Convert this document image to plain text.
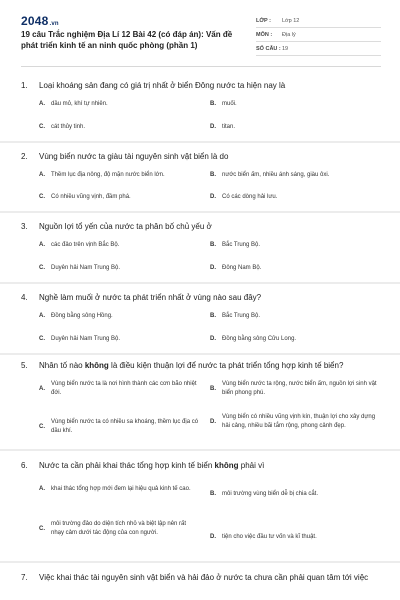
2048.vn
19 câu Trắc nghiệm Địa Lí 12 Bài 42 (có đáp án): Vấn đề phát triển kinh tế an ninh quốc phòng (phần 1)
LỚP :	Lớp 12
MÔN :	Địa lý
SỐ CÂU : 19
1.	Loại khoáng sản đang có giá trị nhất ở biển Đông nước ta hiện nay là
A.	dầu mỏ, khí tự nhiên.	B.	muối.
C.	cát thủy tinh.	D.	titan.
2.	Vùng biển nước ta giàu tài nguyên sinh vật biển là do
A.	Thềm lục địa nông, độ mặn nước biển lớn.	B.	nước biển ấm, nhiều ánh sáng, giàu ôxi.
C.	Có nhiều vũng vịnh, đầm phá.	D.	Có các dòng hải lưu.
3.	Nguồn lợi tổ yến của nước ta phân bố chủ yếu ở
A.	các đảo trên vịnh Bắc Bộ.	B.	Bắc Trung Bộ.
C.	Duyên hải Nam Trung Bộ.	D.	Đông Nam Bộ.
4.	Nghề làm muối ở nước ta phát triển nhất ở vùng nào sau đây?
A.	Đồng bằng sông Hồng.	B.	Bắc Trung Bộ.
C.	Duyên hải Nam Trung Bộ.	D.	Đồng bằng sông Cửu Long.
5.	Nhân tố nào không là điều kiện thuận lợi để nước ta phát triển tổng hợp kinh tế biển?
A.
Vùng biển nước ta là nơi hình thành các cơn bão nhiệt đới.
B.
Vùng biển nước ta rộng, nước biển ấm, nguồn lợi sinh vật biển phong phú.
C.
Vùng biển nước ta có nhiều sa khoáng, thềm lục địa có dầu khí.
D.
Vùng biển có nhiều vũng vịnh kín, thuận lợi cho xây dựng hải cảng, nhiều bãi tắm rộng, phong cảnh đẹp.
6.	Nước ta cần phải khai thác tổng hợp kinh tế biển không phải vì
A.	khai thác tổng hợp mới đem lại hiệu quả kinh tế cao.
B.	môi trường vùng biển dễ bị chia cắt.
C.
môi trường đảo do diện tích nhỏ và biệt lập nên rất nhạy cảm dưới tác động của con người.
D.	tiện cho việc đầu tư vốn và kĩ thuật.
7.	Việc khai thác tài nguyên sinh vật biển và hải đảo ở nước ta chưa cần phải quan tâm tới việc
